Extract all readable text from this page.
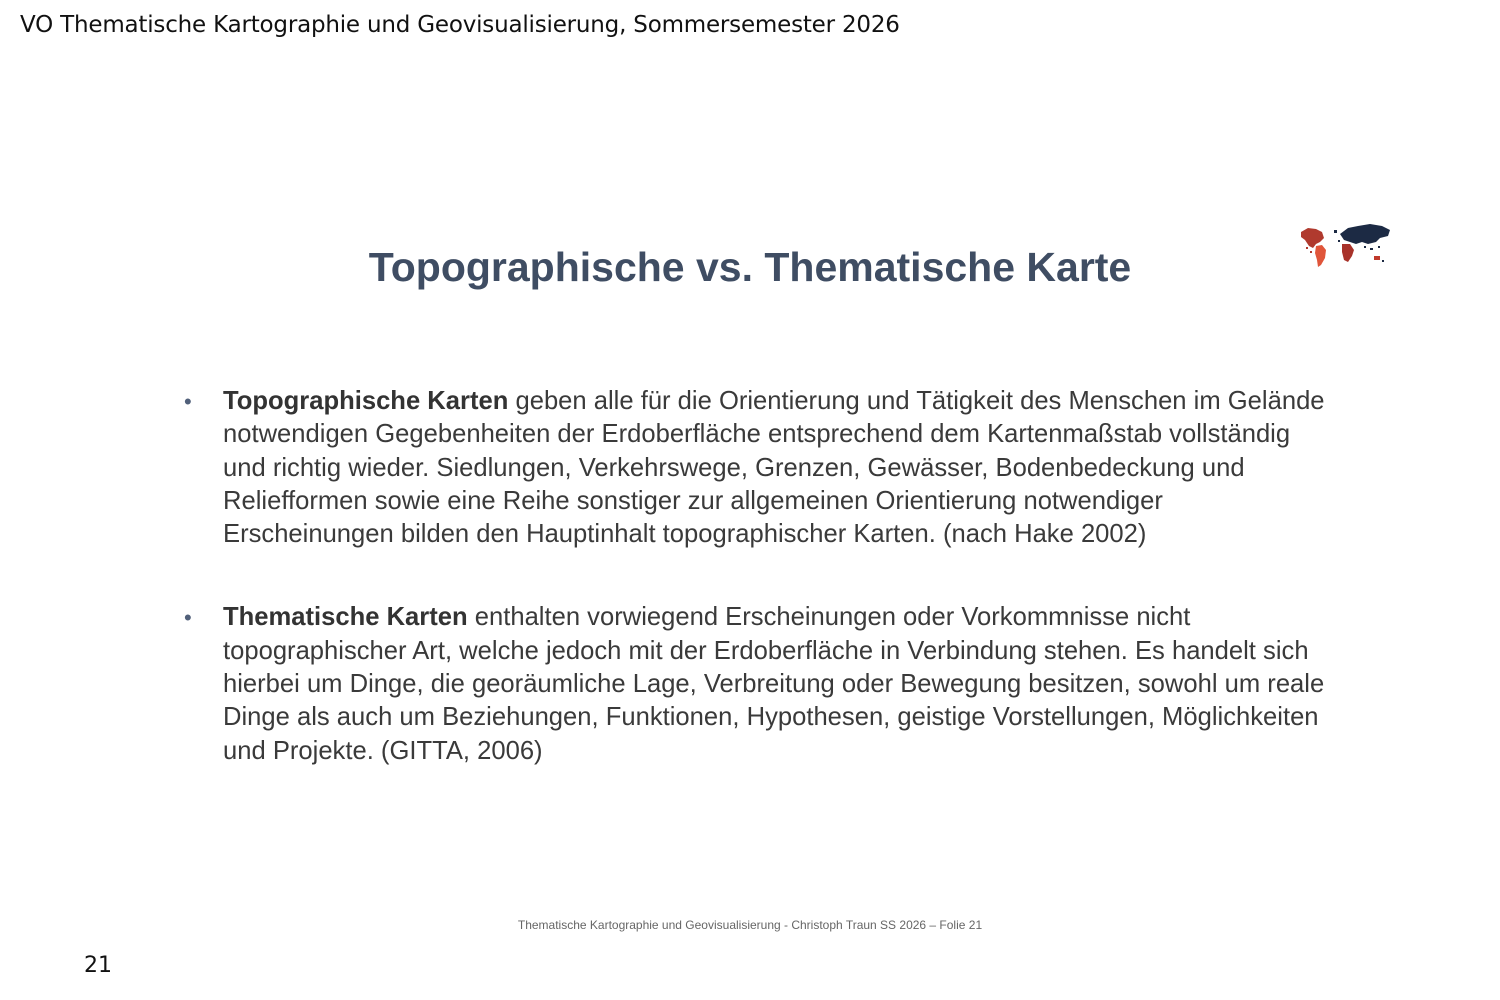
VO Thematische Kartographie und Geovisualisierung, Sommersemester 2026
Topographische vs. Thematische Karte
• Topographische Karten geben alle für die Orientierung und Tätigkeit des Menschen im Gelände notwendigen Gegebenheiten der Erdoberfläche entsprechend dem Kartenmaßstab vollständig und richtig wieder. Siedlungen, Verkehrswege, Grenzen, Gewässer, Bodenbedeckung und Reliefformen sowie eine Reihe sonstiger zur allgemeinen Orientierung notwendiger Erscheinungen bilden den Hauptinhalt topographischer Karten. (nach Hake 2002)
• Thematische Karten enthalten vorwiegend Erscheinungen oder Vorkommnisse nicht topographischer Art, welche jedoch mit der Erdoberfläche in Verbindung stehen. Es handelt sich hierbei um Dinge, die georäumliche Lage, Verbreitung oder Bewegung besitzen, sowohl um reale Dinge als auch um Beziehungen, Funktionen, Hypothesen, geistige Vorstellungen, Möglichkeiten und Projekte. (GITTA, 2006)
Thematische Kartographie und Geovisualisierung - Christoph Traun SS 2026 – Folie 21
21
